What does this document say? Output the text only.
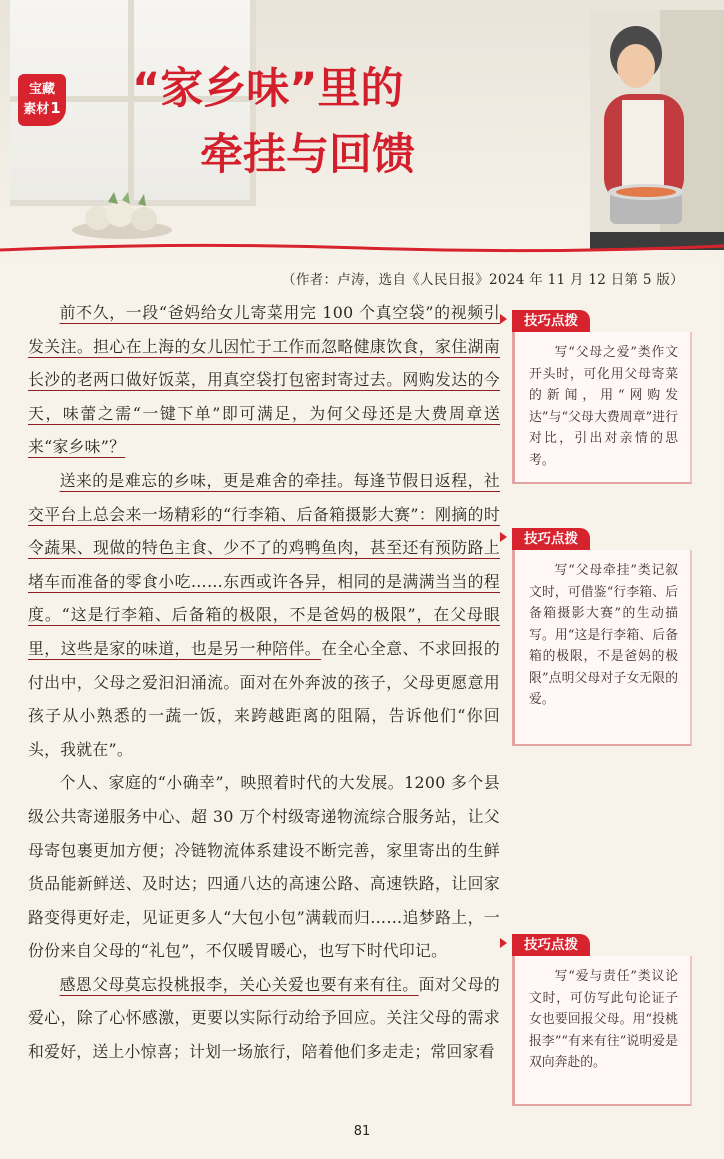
宝藏
素材1 “家乡味”里的
牵挂与回馈
（作者：卢涛，选自《人民日报》2024 年 11 月 12 日第 5 版）

前不久，一段“爸妈给女儿寄菜用完 100 个真空袋”的视频引发关注。担心在上海的女儿因忙于工作而忽略健康饮食，家住湖南长沙的老两口做好饭菜，用真空袋打包密封寄过去。网购发达的今天，味蕾之需“一键下单”即可满足，为何父母还是大费周章送来“家乡味”？

送来的是难忘的乡味，更是难舍的牵挂。每逢节假日返程，社交平台上总会来一场精彩的“行李箱、后备箱摄影大赛”：刚摘的时令蔬果、现做的特色主食、少不了的鸡鸭鱼肉，甚至还有预防路上堵车而准备的零食小吃……东西或许各异，相同的是满满当当的程度。“这是行李箱、后备箱的极限，不是爸妈的极限”，在父母眼里，这些是家的味道，也是另一种陪伴。在全心全意、不求回报的付出中，父母之爱汩汩涌流。面对在外奔波的孩子，父母更愿意用孩子从小熟悉的一蔬一饭，来跨越距离的阻隔，告诉他们“你回头，我就在”。

个人、家庭的“小确幸”，映照着时代的大发展。1200 多个县级公共寄递服务中心、超 30 万个村级寄递物流综合服务站，让父母寄包裹更加方便；冷链物流体系建设不断完善，家里寄出的生鲜货品能新鲜送、及时达；四通八达的高速公路、高速铁路，让回家路变得更好走，见证更多人“大包小包”满载而归……追梦路上，一份份来自父母的“礼包”，不仅暖胃暖心，也写下时代印记。

感恩父母莫忘投桃报李，关心关爱也要有来有往。面对父母的爱心，除了心怀感激，更要以实际行动给予回应。关注父母的需求和爱好，送上小惊喜；计划一场旅行，陪着他们多走走；常回家看

技巧点拨

写“父母之爱”类作文开头时，可化用父母寄菜的新闻，用“网购发达”与“父母大费周章”进行对比，引出对亲情的思考。

技巧点拨

写“父母牵挂”类记叙文时，可借鉴“行李箱、后备箱摄影大赛”的生动描写。用“这是行李箱、后备箱的极限，不是爸妈的极限”点明父母对子女无限的爱。

技巧点拨

写“爱与责任”类议论文时，可仿写此句论证子女也要回报父母。用“投桃报李”“有来有往”说明爱是双向奔赴的。

81
